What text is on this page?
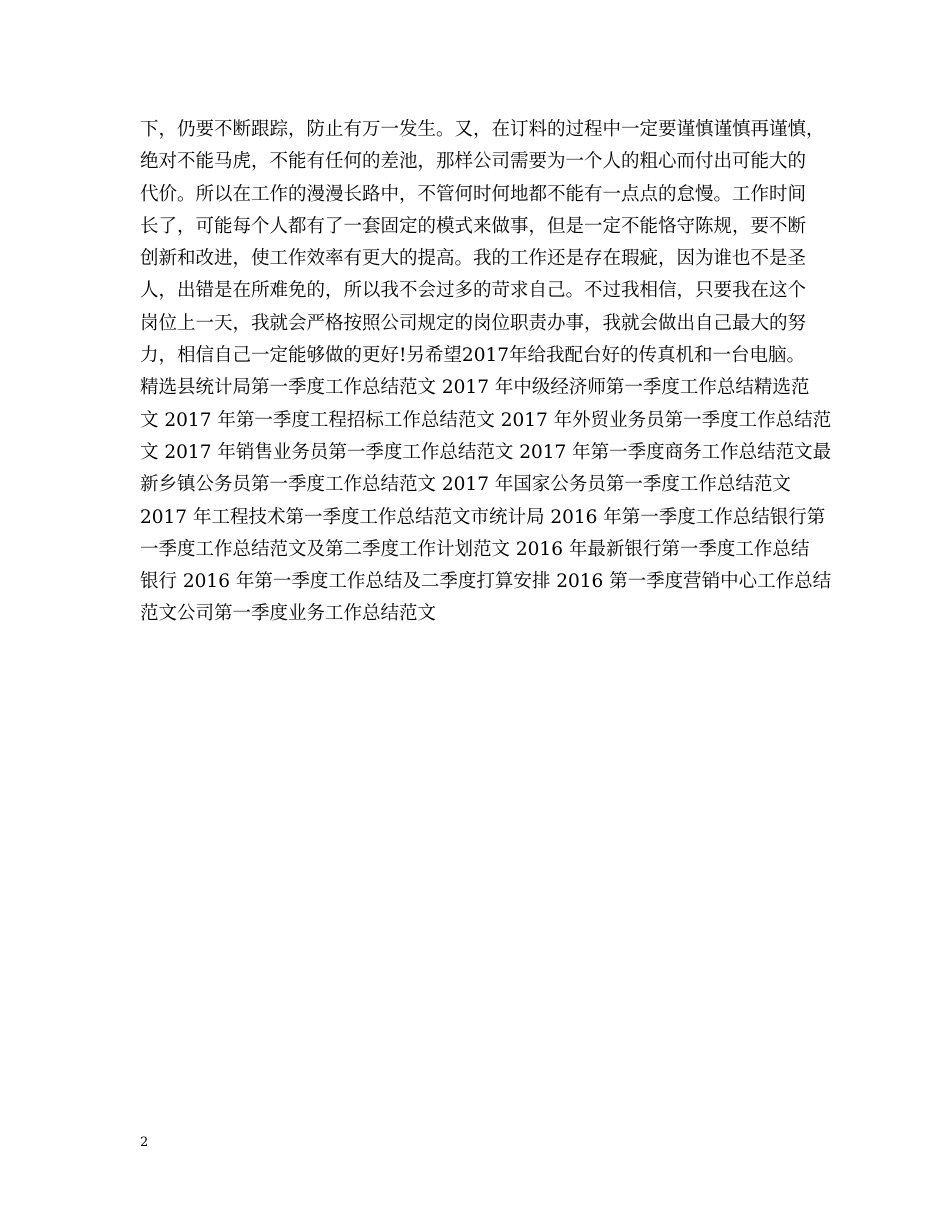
下，仍要不断跟踪，防止有万一发生。又，在订料的过程中一定要谨慎谨慎再谨慎，
绝对不能马虎，不能有任何的差池，那样公司需要为一个人的粗心而付出可能大的
代价。所以在工作的漫漫长路中，不管何时何地都不能有一点点的怠慢。工作时间
长了，可能每个人都有了一套固定的模式来做事，但是一定不能恪守陈规，要不断
创新和改进，使工作效率有更大的提高。我的工作还是存在瑕疵，因为谁也不是圣
人，出错是在所难免的，所以我不会过多的苛求自己。不过我相信，只要我在这个
岗位上一天，我就会严格按照公司规定的岗位职责办事，我就会做出自己最大的努
力，相信自己一定能够做的更好!另希望2017年给我配台好的传真机和一台电脑。
精选县统计局第一季度工作总结范文 2017 年中级经济师第一季度工作总结精选范
文 2017 年第一季度工程招标工作总结范文 2017 年外贸业务员第一季度工作总结范
文 2017 年销售业务员第一季度工作总结范文 2017 年第一季度商务工作总结范文最
新乡镇公务员第一季度工作总结范文 2017 年国家公务员第一季度工作总结范文
2017 年工程技术第一季度工作总结范文市统计局 2016 年第一季度工作总结银行第
一季度工作总结范文及第二季度工作计划范文 2016 年最新银行第一季度工作总结
银行 2016 年第一季度工作总结及二季度打算安排 2016 第一季度营销中心工作总结
范文公司第一季度业务工作总结范文
2
